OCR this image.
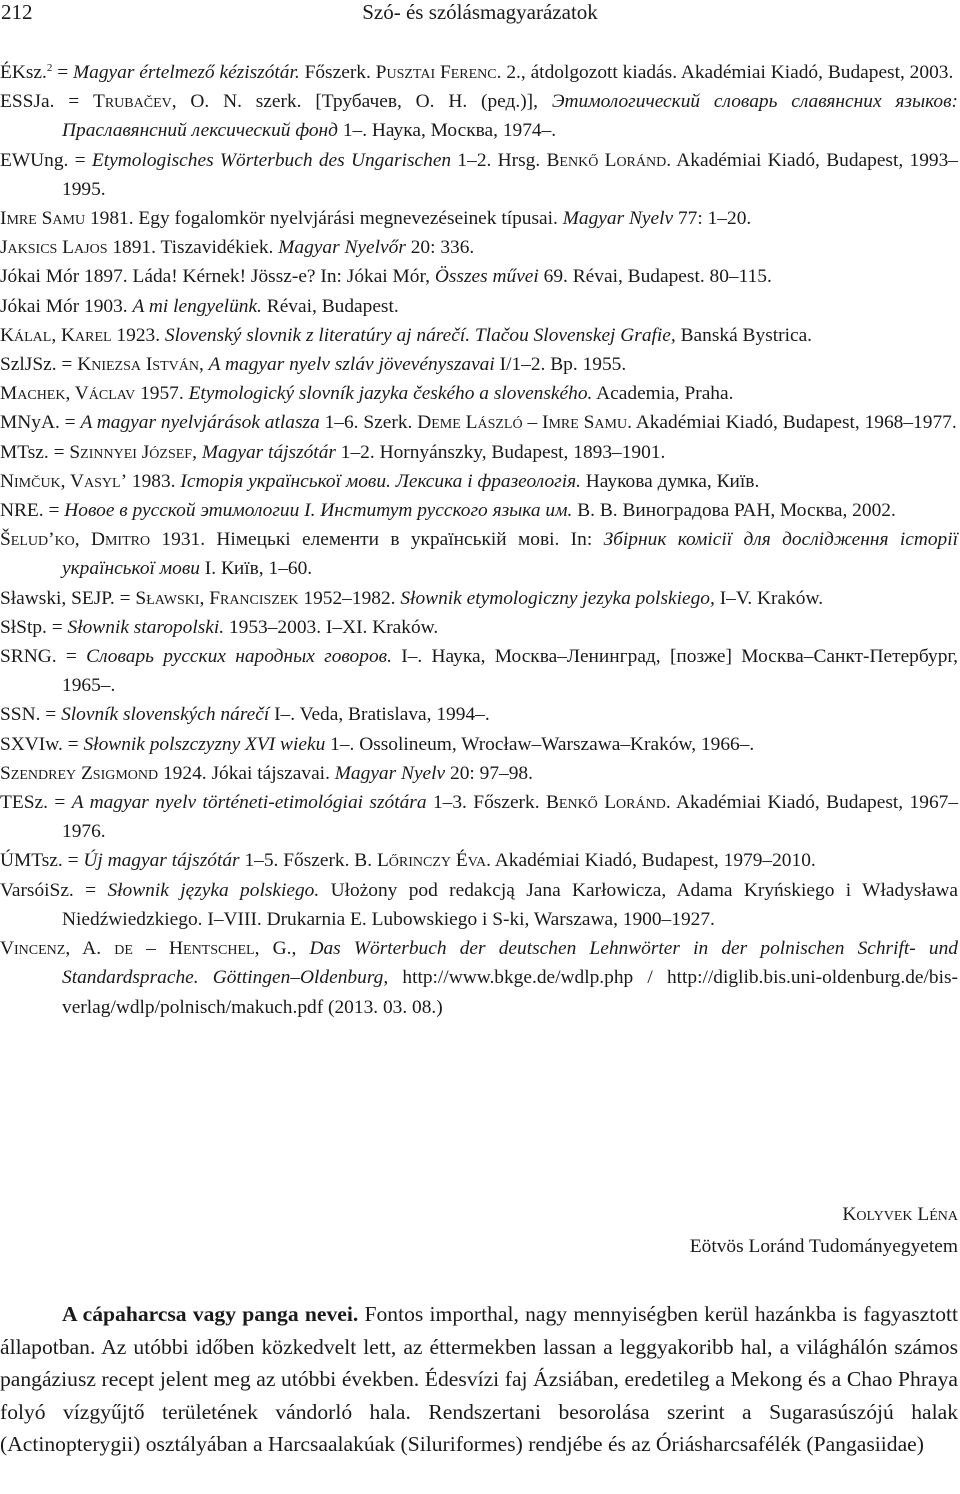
212	Szó- és szólásmagyarázatok
ÉKsz.$^2$ = Magyar értelmező kéziszótár. Főszerk. Pusztai Ferenc. 2., átdolgozott kiadás. Akadémiai Kiadó, Budapest, 2003.
ESSJa. = Trubačev, O. N. szerk. [Трубачев, О. Н. (ред.)], Этимологический словарь славянсних языков: Праславянсний лексический фонд 1–. Наука, Москва, 1974–.
EWUng. = Etymologisches Wörterbuch des Ungarischen 1–2. Hrsg. Benkő Loránd. Akadémiai Kiadó, Budapest, 1993–1995.
Imre Samu 1981. Egy fogalomkör nyelvjárási megnevezéseinek típusai. Magyar Nyelv 77: 1–20.
Jaksics Lajos 1891. Tiszavidékiek. Magyar Nyelvőr 20: 336.
Jókai Mór 1897. Láda! Kérnek! Jössz-e? In: Jókai Mór, Összes művei 69. Révai, Budapest. 80–115.
Jókai Mór 1903. A mi lengyelünk. Révai, Budapest.
Kálal, Karel 1923. Slovenský slovnik z literatúry aj nárečí. Tlačou Slovenskej Grafie, Banská Bystrica.
SzlJSz. = Kniezsa István, A magyar nyelv szláv jövevényszavai I/1–2. Bp. 1955.
Machek, Václav 1957. Etymologický slovník jazyka českého a slovenského. Academia, Praha.
MNyA. = A magyar nyelvjárások atlasza 1–6. Szerk. Deme László – Imre Samu. Akadémiai Kiadó, Budapest, 1968–1977.
MTsz. = Szinnyei József, Magyar tájszótár 1–2. Hornyánszky, Budapest, 1893–1901.
Nimčuk, Vasyl’ 1983. Історія української мови. Лексика і фразеологія. Наукова думка, Київ.
NRE. = Новое в русской этимологии I. Институт русского языка им. В. В. Виноградова РАН, Москва, 2002.
Šelud’ko, Dmitro 1931. Німецькі елементи в українській мові. In: Збірник комісії для дослідження історії української мови I. Київ, 1–60.
Sławski, SEJP. = Sławski, Franciszek 1952–1982. Słownik etymologiczny jezyka polskiego, I–V. Kraków.
SłStp. = Słownik staropolski. 1953–2003. I–XI. Kraków.
SRNG. = Словарь русских народных говоров. I–. Наука, Москва–Ленинград, [позже] Москва–Санкт-Петербург, 1965–.
SSN. = Slovník slovenských nárečí I–. Veda, Bratislava, 1994–.
SXVIw. = Słownik polszczyzny XVI wieku 1–. Ossolineum, Wrocław–Warszawa–Kraków, 1966–.
Szendrey Zsigmond 1924. Jókai tájszavai. Magyar Nyelv 20: 97–98.
TESz. = A magyar nyelv történeti-etimológiai szótára 1–3. Főszerk. Benkő Loránd. Akadémiai Kiadó, Budapest, 1967–1976.
ÚMTsz. = Új magyar tájszótár 1–5. Főszerk. B. Lőrinczy Éva. Akadémiai Kiadó, Budapest, 1979–2010.
VarsóiSz. = Słownik języka polskiego. Ułożony pod redakcją Jana Karłowicza, Adama Kryńskiego i Władysława Niedźwiedzkiego. I–VIII. Drukarnia E. Lubowskiego i S-ki, Warszawa, 1900–1927.
Vincenz, A. de – Hentschel, G., Das Wörterbuch der deutschen Lehnwörter in der polnischen Schrift- und Standardsprache. Göttingen–Oldenburg, http://www.bkge.de/wdlp.php / http://diglib.bis.uni-oldenburg.de/bis-verlag/wdlp/polnisch/makuch.pdf (2013. 03. 08.)
Kolyvek Léna
Eötvös Loránd Tudományegyetem

A cápaharcsa vagy panga nevei. Fontos importhal, nagy mennyiségben kerül hazánkba is fagyasztott állapotban. Az utóbbi időben közkedvelt lett, az éttermekben lassan a leggyakoribb hal, a világhálón számos pangáziusz recept jelent meg az utóbbi években. Édesvízi faj Ázsiában, eredetileg a Mekong és a Chao Phraya folyó vízgyűjtő területének vándorló hala. Rendszertani besorolása szerint a Sugarasúszójú halak (Actinopterygii) osztályában a Harcsaalakúak (Siluriformes) rendjébe és az Óriásharcsafélék (Pangasiidae)
